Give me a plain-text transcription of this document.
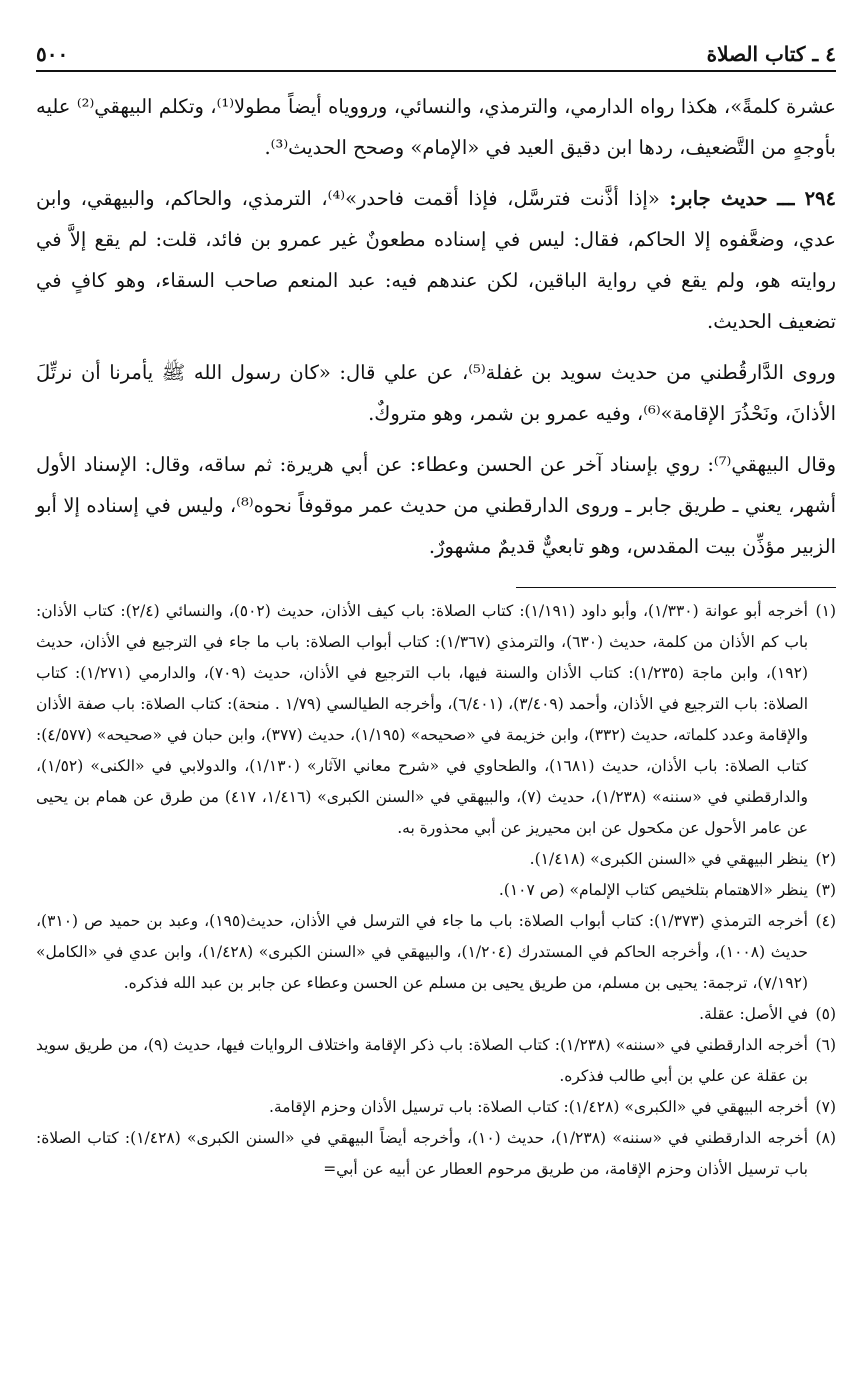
٤ ـ كتاب الصلاة
٥٠٠

عشرة كلمةً»، هكذا رواه الدارمي، والترمذي، والنسائي، ورووياه أيضاً مطولا⁽¹⁾، وتكلم البيهقي⁽²⁾ عليه بأوجهٍ من التَّضعيف، ردها ابن دقيق العيد في «الإمام» وصحح الحديث⁽³⁾.

٢٩٤ ـــ حديث جابر: «إذا أذَّنت فترسَّل، فإذا أقمت فاحدر»⁽⁴⁾، الترمذي، والحاكم، والبيهقي، وابن عدي، وضعَّفوه إلا الحاكم، فقال: ليس في إسناده مطعونٌ غير عمرو بن فائد، قلت: لم يقع إلاَّ في روايته هو، ولم يقع في رواية الباقين، لكن عندهم فيه: عبد المنعم صاحب السقاء، وهو كافٍ في تضعيف الحديث.

وروى الدَّارقُطني من حديث سويد بن غفلة⁽⁵⁾، عن علي قال: «كان رسول الله ﷺ يأمرنا أن نرتِّلَ الأذانَ، ونَحْذُرَ الإقامة»⁽⁶⁾، وفيه عمرو بن شمر، وهو متروكٌ.

وقال البيهقي⁽⁷⁾: روي بإسناد آخر عن الحسن وعطاء: عن أبي هريرة: ثم ساقه، وقال: الإسناد الأول أشهر، يعني ـ طريق جابر ـ وروى الدارقطني من حديث عمر موقوفاً نحوه⁽⁸⁾، وليس في إسناده إلا أبو الزبير مؤذِّن بيت المقدس، وهو تابعيٌّ قديمٌ مشهورٌ.

(١)
أخرجه أبو عوانة (١/٣٣٠)، وأبو داود (١/١٩١): كتاب الصلاة: باب كيف الأذان، حديث (٥٠٢)، والنسائي (٢/٤): كتاب الأذان: باب كم الأذان من كلمة، حديث (٦٣٠)، والترمذي (١/٣٦٧): كتاب أبواب الصلاة: باب ما جاء في الترجيع في الأذان، حديث (١٩٢)، وابن ماجة (١/٢٣٥): كتاب الأذان والسنة فيها، باب الترجيع في الأذان، حديث (٧٠٩)، والدارمي (١/٢٧١): كتاب الصلاة: باب الترجيع في الأذان، وأحمد (٣/٤٠٩)، (٦/٤٠١)، وأخرجه الطيالسي (١/٧٩ . منحة): كتاب الصلاة: باب صفة الأذان والإقامة وعدد كلماته، حديث (٣٣٢)، وابن خزيمة في «صحيحه» (١/١٩٥)، حديث (٣٧٧)، وابن حبان في «صحيحه» (٤/٥٧٧): كتاب الصلاة: باب الأذان، حديث (١٦٨١)، والطحاوي في «شرح معاني الآثار» (١/١٣٠)، والدولابي في «الكنى» (١/٥٢)، والدارقطني في «سننه» (١/٢٣٨)، حديث (٧)، والبيهقي في «السنن الكبرى» (١/٤١٦، ٤١٧) من طرق عن همام بن يحيى عن عامر الأحول عن مكحول عن ابن محيريز عن أبي محذورة به.
(٢)
ينظر البيهقي في «السنن الكبرى» (١/٤١٨).
(٣)
ينظر «الاهتمام بتلخيص كتاب الإلمام» (ص ١٠٧).
(٤)
أخرجه الترمذي (١/٣٧٣): كتاب أبواب الصلاة: باب ما جاء في الترسل في الأذان، حديث(١٩٥)، وعبد بن حميد ص (٣١٠)، حديث (١٠٠٨)، وأخرجه الحاكم في المستدرك (١/٢٠٤)، والبيهقي في «السنن الكبرى» (١/٤٢٨)، وابن عدي في «الكامل» (٧/١٩٢)، ترجمة: يحيى بن مسلم، من طريق يحيى بن مسلم عن الحسن وعطاء عن جابر بن عبد الله فذكره.
(٥)
في الأصل: عقلة.
(٦)
أخرجه الدارقطني في «سننه» (١/٢٣٨): كتاب الصلاة: باب ذكر الإقامة واختلاف الروايات فيها، حديث (٩)، من طريق سويد بن عقلة عن علي بن أبي طالب فذكره.
(٧)
أخرجه البيهقي في «الكبرى» (١/٤٢٨): كتاب الصلاة: باب ترسيل الأذان وحزم الإقامة.
(٨)
أخرجه الدارقطني في «سننه» (١/٢٣٨)، حديث (١٠)، وأخرجه أيضاً البيهقي في «السنن الكبرى» (١/٤٢٨): كتاب الصلاة: باب ترسيل الأذان وحزم الإقامة، من طريق مرحوم العطار عن أبيه عن أبي=
